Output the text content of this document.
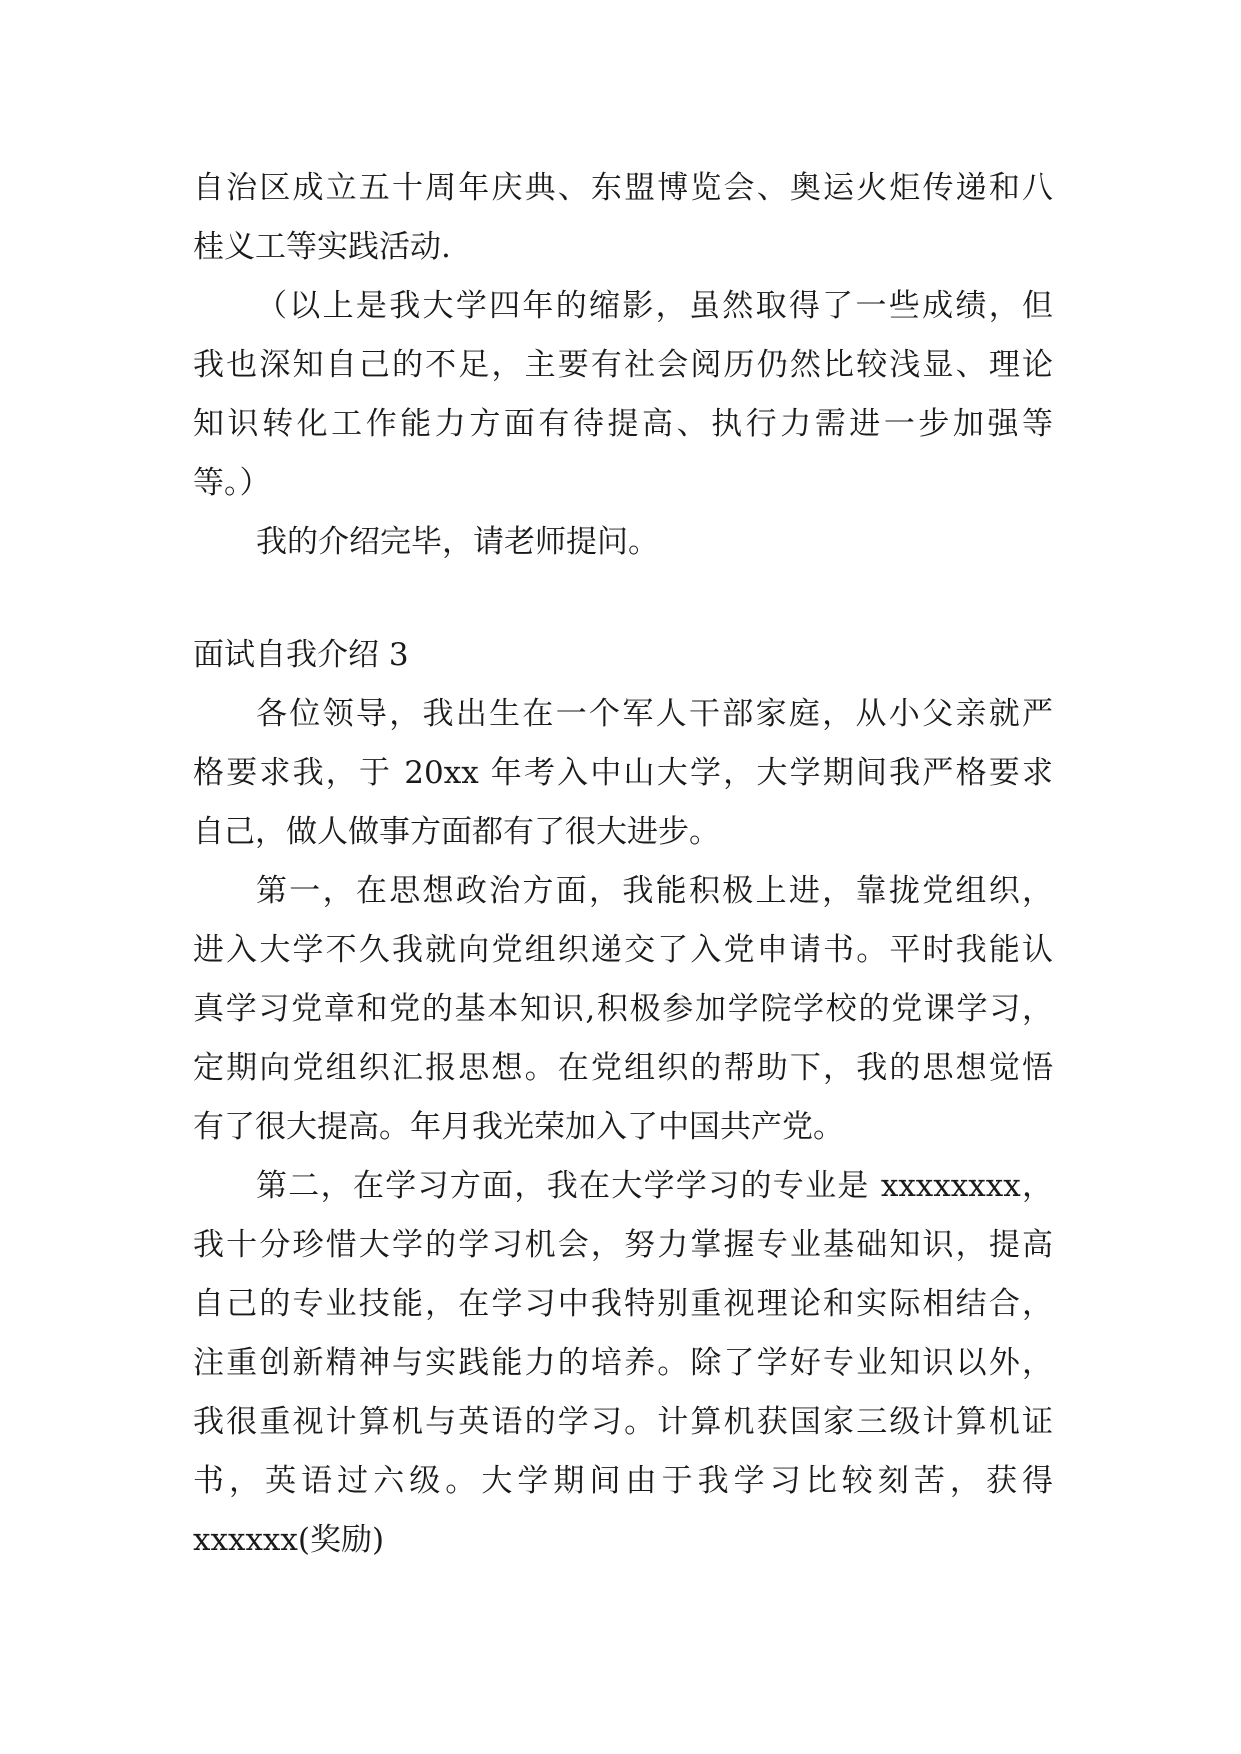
自治区成立五十周年庆典、东盟博览会、奥运火炬传递和八
桂义工等实践活动.
（以上是我大学四年的缩影，虽然取得了一些成绩，但
我也深知自己的不足，主要有社会阅历仍然比较浅显、理论
知识转化工作能力方面有待提高、执行力需进一步加强等
等。）
我的介绍完毕，请老师提问。
面试自我介绍 3
各位领导，我出生在一个军人干部家庭，从小父亲就严
格要求我，于 20xx 年考入中山大学，大学期间我严格要求
自己，做人做事方面都有了很大进步。
第一，在思想政治方面，我能积极上进，靠拢党组织，
进入大学不久我就向党组织递交了入党申请书。平时我能认
真学习党章和党的基本知识,积极参加学院学校的党课学习，
定期向党组织汇报思想。在党组织的帮助下，我的思想觉悟
有了很大提高。年月我光荣加入了中国共产党。
第二，在学习方面，我在大学学习的专业是 xxxxxxxx，
我十分珍惜大学的学习机会，努力掌握专业基础知识，提高
自己的专业技能，在学习中我特别重视理论和实际相结合，
注重创新精神与实践能力的培养。除了学好专业知识以外，
我很重视计算机与英语的学习。计算机获国家三级计算机证
书，英语过六级。大学期间由于我学习比较刻苦，获得
xxxxxx(奖励)
